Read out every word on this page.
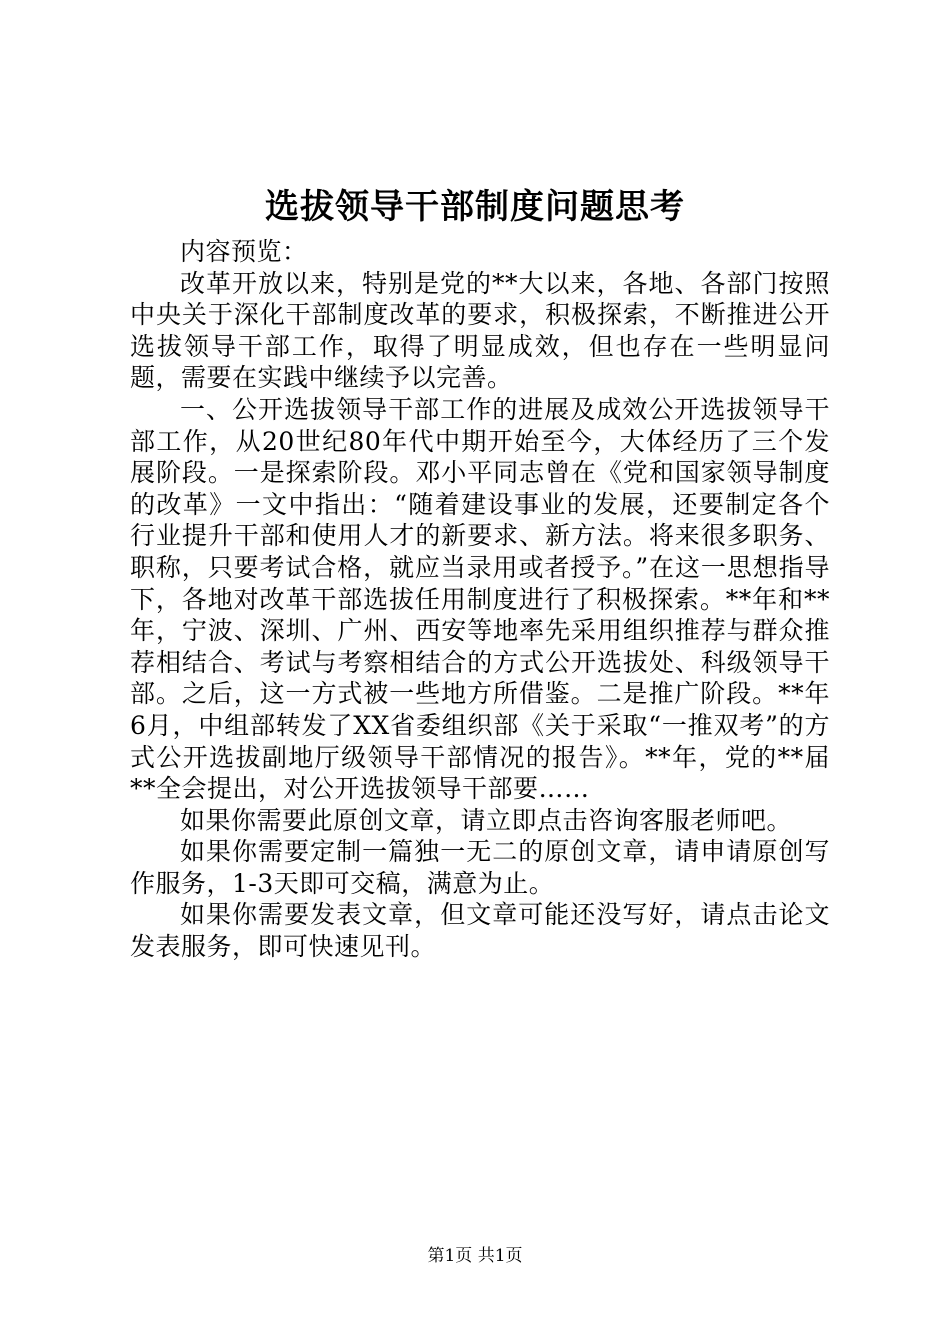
选拔领导干部制度问题思考

内容预览：

改革开放以来，特别是党的**大以来，各地、各部门按照中央关于深化干部制度改革的要求，积极探索，不断推进公开选拔领导干部工作，取得了明显成效，但也存在一些明显问题，需要在实践中继续予以完善。

一、公开选拔领导干部工作的进展及成效公开选拔领导干部工作，从20世纪80年代中期开始至今，大体经历了三个发展阶段。一是探索阶段。邓小平同志曾在《党和国家领导制度的改革》一文中指出：“随着建设事业的发展，还要制定各个行业提升干部和使用人才的新要求、新方法。将来很多职务、职称，只要考试合格，就应当录用或者授予。”在这一思想指导下，各地对改革干部选拔任用制度进行了积极探索。**年和**年，宁波、深圳、广州、西安等地率先采用组织推荐与群众推荐相结合、考试与考察相结合的方式公开选拔处、科级领导干部。之后，这一方式被一些地方所借鉴。二是推广阶段。**年6月，中组部转发了XX省委组织部《关于采取“一推双考”的方式公开选拔副地厅级领导干部情况的报告》。**年，党的**届**全会提出，对公开选拔领导干部要……

如果你需要此原创文章，请立即点击咨询客服老师吧。

如果你需要定制一篇独一无二的原创文章，请申请原创写作服务，1-3天即可交稿，满意为止。

如果你需要发表文章，但文章可能还没写好，请点击论文发表服务，即可快速见刊。

第1页 共1页
